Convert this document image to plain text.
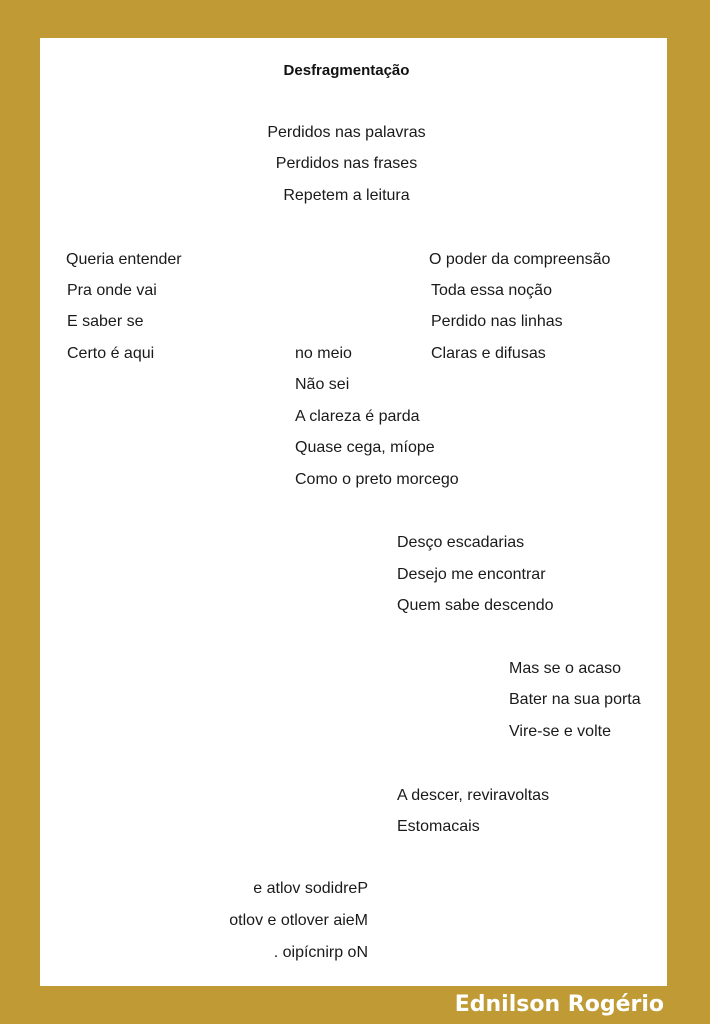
Desfragmentação
Perdidos nas palavras
Perdidos nas frases
Repetem a leitura
Queria entender
Pra onde vai
E saber se
Certo é aqui
O poder da compreensão
Toda essa noção
Perdido nas linhas
Claras e difusas
no meio
Não sei
A clareza é parda
Quase cega, míope
Como o preto morcego
Desço escadarias
Desejo me encontrar
Quem sabe descendo
Mas se o acaso
Bater na sua porta
Vire-se e volte
A descer, reviravoltas
Estomacais
e atlov sodidreP
otlov e otlover aieM
. oipícnirp oN
Ednilson Rogério
